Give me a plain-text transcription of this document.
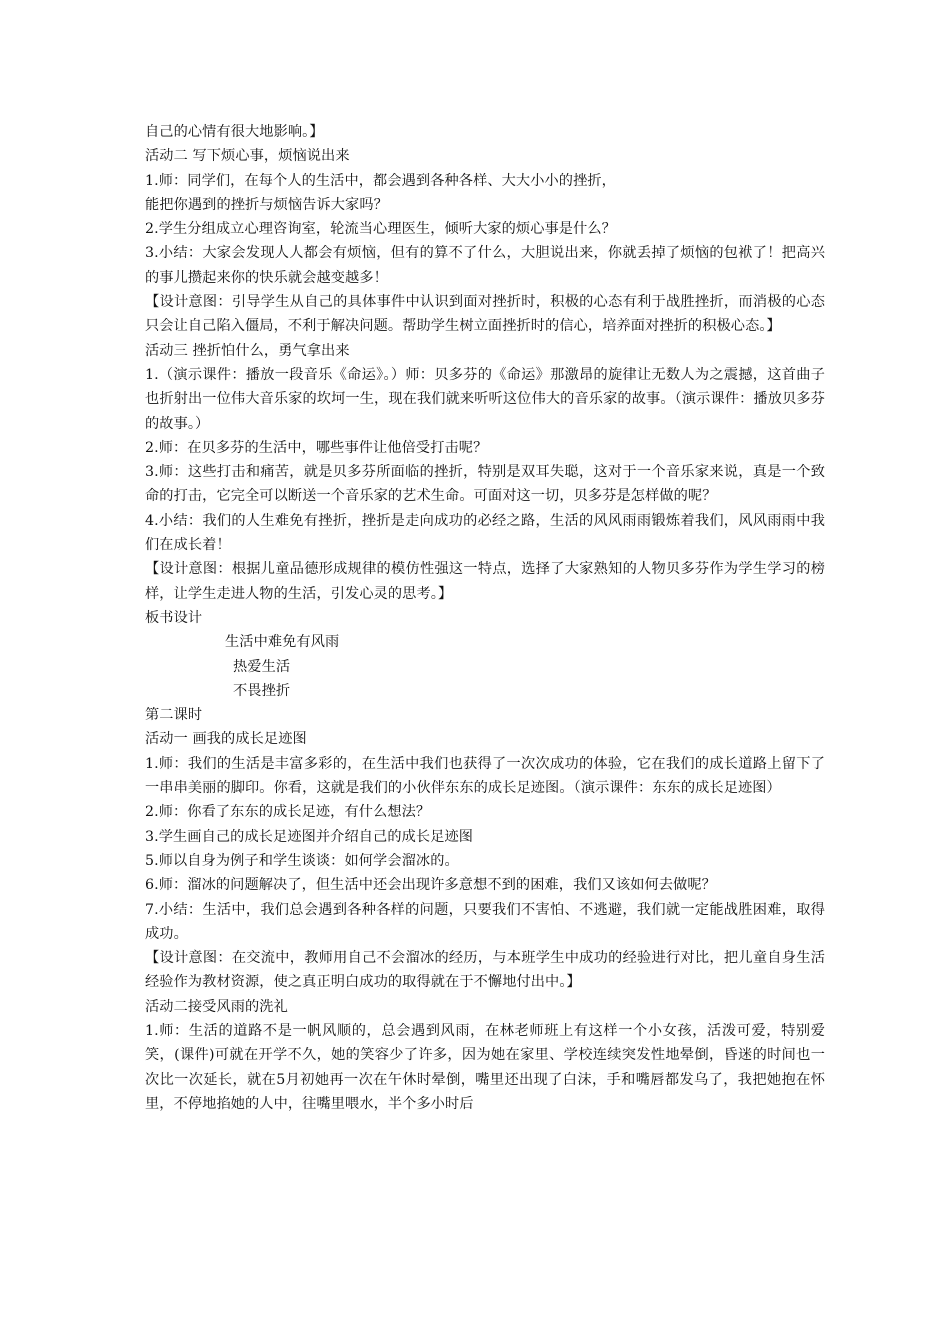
自己的心情有很大地影响。】

活动二 写下烦心事，烦恼说出来

1.师：同学们，在每个人的生活中，都会遇到各种各样、大大小小的挫折，

能把你遇到的挫折与烦恼告诉大家吗？

2.学生分组成立心理咨询室，轮流当心理医生，倾听大家的烦心事是什么？

3.小结：大家会发现人人都会有烦恼，但有的算不了什么，大胆说出来，你就丢掉了烦恼的包袱了！把高兴的事儿攒起来你的快乐就会越变越多！

【设计意图：引导学生从自己的具体事件中认识到面对挫折时，积极的心态有利于战胜挫折，而消极的心态只会让自己陷入僵局，不利于解决问题。帮助学生树立面挫折时的信心，培养面对挫折的积极心态。】

活动三 挫折怕什么，勇气拿出来

1.（演示课件：播放一段音乐《命运》。）师：贝多芬的《命运》那激昂的旋律让无数人为之震撼，这首曲子也折射出一位伟大音乐家的坎坷一生，现在我们就来听听这位伟大的音乐家的故事。（演示课件：播放贝多芬的故事。）

2.师：在贝多芬的生活中，哪些事件让他倍受打击呢？

3.师：这些打击和痛苦，就是贝多芬所面临的挫折，特别是双耳失聪，这对于一个音乐家来说，真是一个致命的打击，它完全可以断送一个音乐家的艺术生命。可面对这一切，贝多芬是怎样做的呢？

4.小结：我们的人生难免有挫折，挫折是走向成功的必经之路，生活的风风雨雨锻炼着我们，风风雨雨中我们在成长着！

【设计意图：根据儿童品德形成规律的模仿性强这一特点，选择了大家熟知的人物贝多芬作为学生学习的榜样，让学生走进人物的生活，引发心灵的思考。】

板书设计

生活中难免有风雨

热爱生活

不畏挫折

第二课时

活动一 画我的成长足迹图

1.师：我们的生活是丰富多彩的，在生活中我们也获得了一次次成功的体验，它在我们的成长道路上留下了一串串美丽的脚印。你看，这就是我们的小伙伴东东的成长足迹图。（演示课件：东东的成长足迹图）

2.师：你看了东东的成长足迹，有什么想法？

3.学生画自己的成长足迹图并介绍自己的成长足迹图

5.师以自身为例子和学生谈谈：如何学会溜冰的。

6.师：溜冰的问题解决了，但生活中还会出现许多意想不到的困难，我们又该如何去做呢？

7.小结：生活中，我们总会遇到各种各样的问题，只要我们不害怕、不逃避，我们就一定能战胜困难，取得成功。

【设计意图：在交流中，教师用自己不会溜冰的经历，与本班学生中成功的经验进行对比，把儿童自身生活经验作为教材资源，使之真正明白成功的取得就在于不懈地付出中。】

活动二接受风雨的洗礼

1.师：生活的道路不是一帆风顺的，总会遇到风雨，在林老师班上有这样一个小女孩，活泼可爱，特别爱笑，(课件)可就在开学不久，她的笑容少了许多，因为她在家里、学校连续突发性地晕倒，昏迷的时间也一次比一次延长，就在5月初她再一次在午休时晕倒，嘴里还出现了白沫，手和嘴唇都发乌了，我把她抱在怀里，不停地掐她的人中，往嘴里喂水，半个多小时后
